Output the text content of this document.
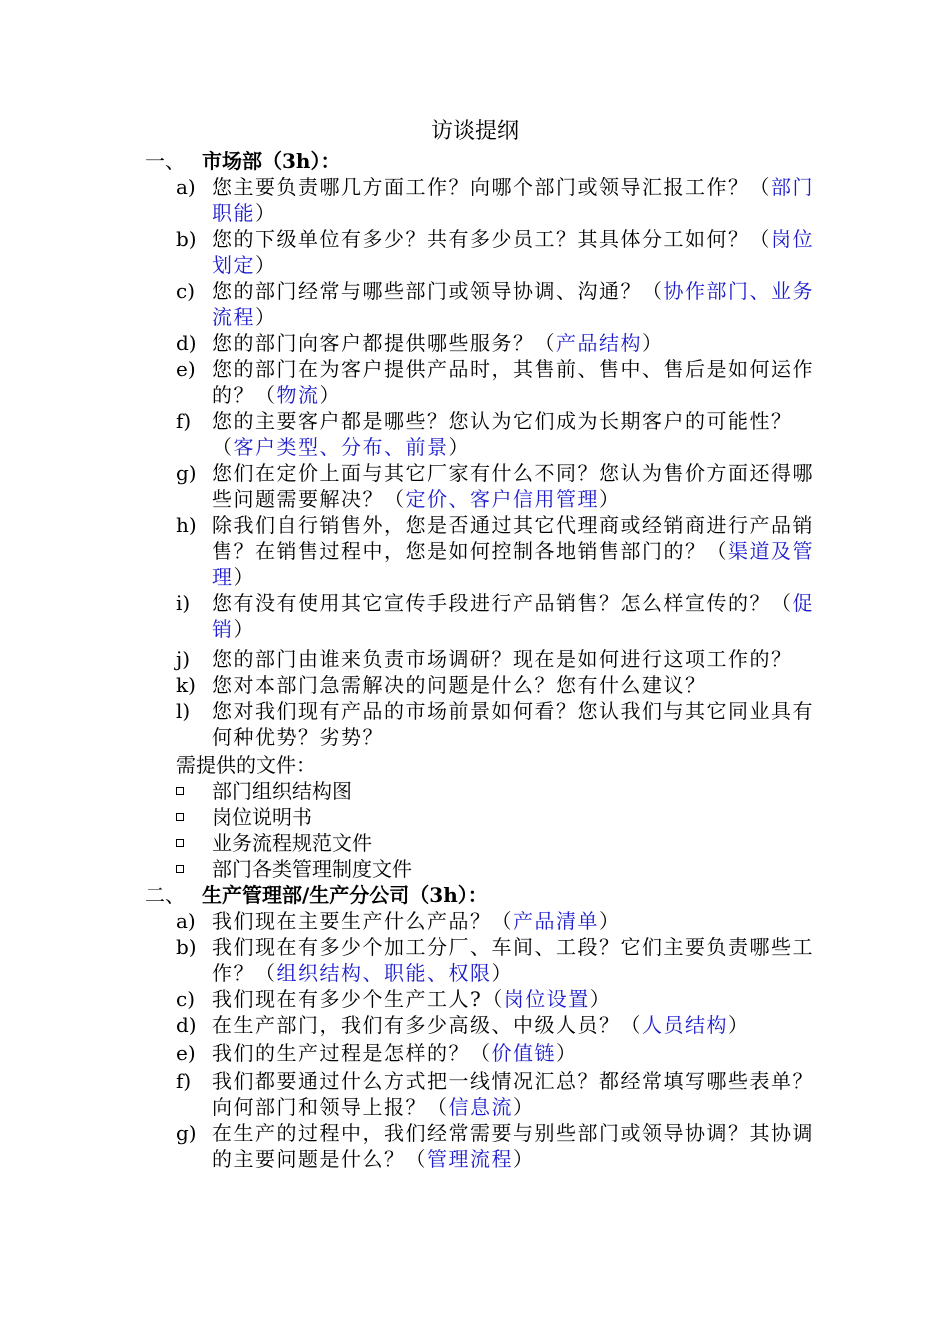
访谈提纲
一、 市场部（3h）：
a) 您主要负责哪几方面工作？向哪个部门或领导汇报工作？（部门职能）
b) 您的下级单位有多少？共有多少员工？其具体分工如何？（岗位划定）
c) 您的部门经常与哪些部门或领导协调、沟通？（协作部门、业务流程）
d) 您的部门向客户都提供哪些服务？（产品结构）
e) 您的部门在为客户提供产品时，其售前、售中、售后是如何运作的？（物流）
f)	您的主要客户都是哪些？您认为它们成为长期客户的可能性？（客户类型、分布、前景）
g) 您们在定价上面与其它厂家有什么不同？您认为售价方面还得哪些问题需要解决？（定价、客户信用管理）
h) 除我们自行销售外，您是否通过其它代理商或经销商进行产品销售？在销售过程中，您是如何控制各地销售部门的？（渠道及管理）
i)	您有没有使用其它宣传手段进行产品销售？怎么样宣传的？（促销）
j)	您的部门由谁来负责市场调研？现在是如何进行这项工作的？
k) 您对本部门急需解决的问题是什么？您有什么建议？
l)	您对我们现有产品的市场前景如何看？您认我们与其它同业具有何种优势？劣势？
需提供的文件：
部门组织结构图
岗位说明书
业务流程规范文件
部门各类管理制度文件
二、 生产管理部/生产分公司（3h）：
a) 我们现在主要生产什么产品？（产品清单）
b) 我们现在有多少个加工分厂、车间、工段？它们主要负责哪些工作？（组织结构、职能、权限）
c) 我们现在有多少个生产工人?（岗位设置）
d) 在生产部门，我们有多少高级、中级人员？（人员结构）
e) 我们的生产过程是怎样的？（价值链）
f)	我们都要通过什么方式把一线情况汇总？都经常填写哪些表单？向何部门和领导上报？（信息流）
g) 在生产的过程中，我们经常需要与别些部门或领导协调？其协调的主要问题是什么？（管理流程）
